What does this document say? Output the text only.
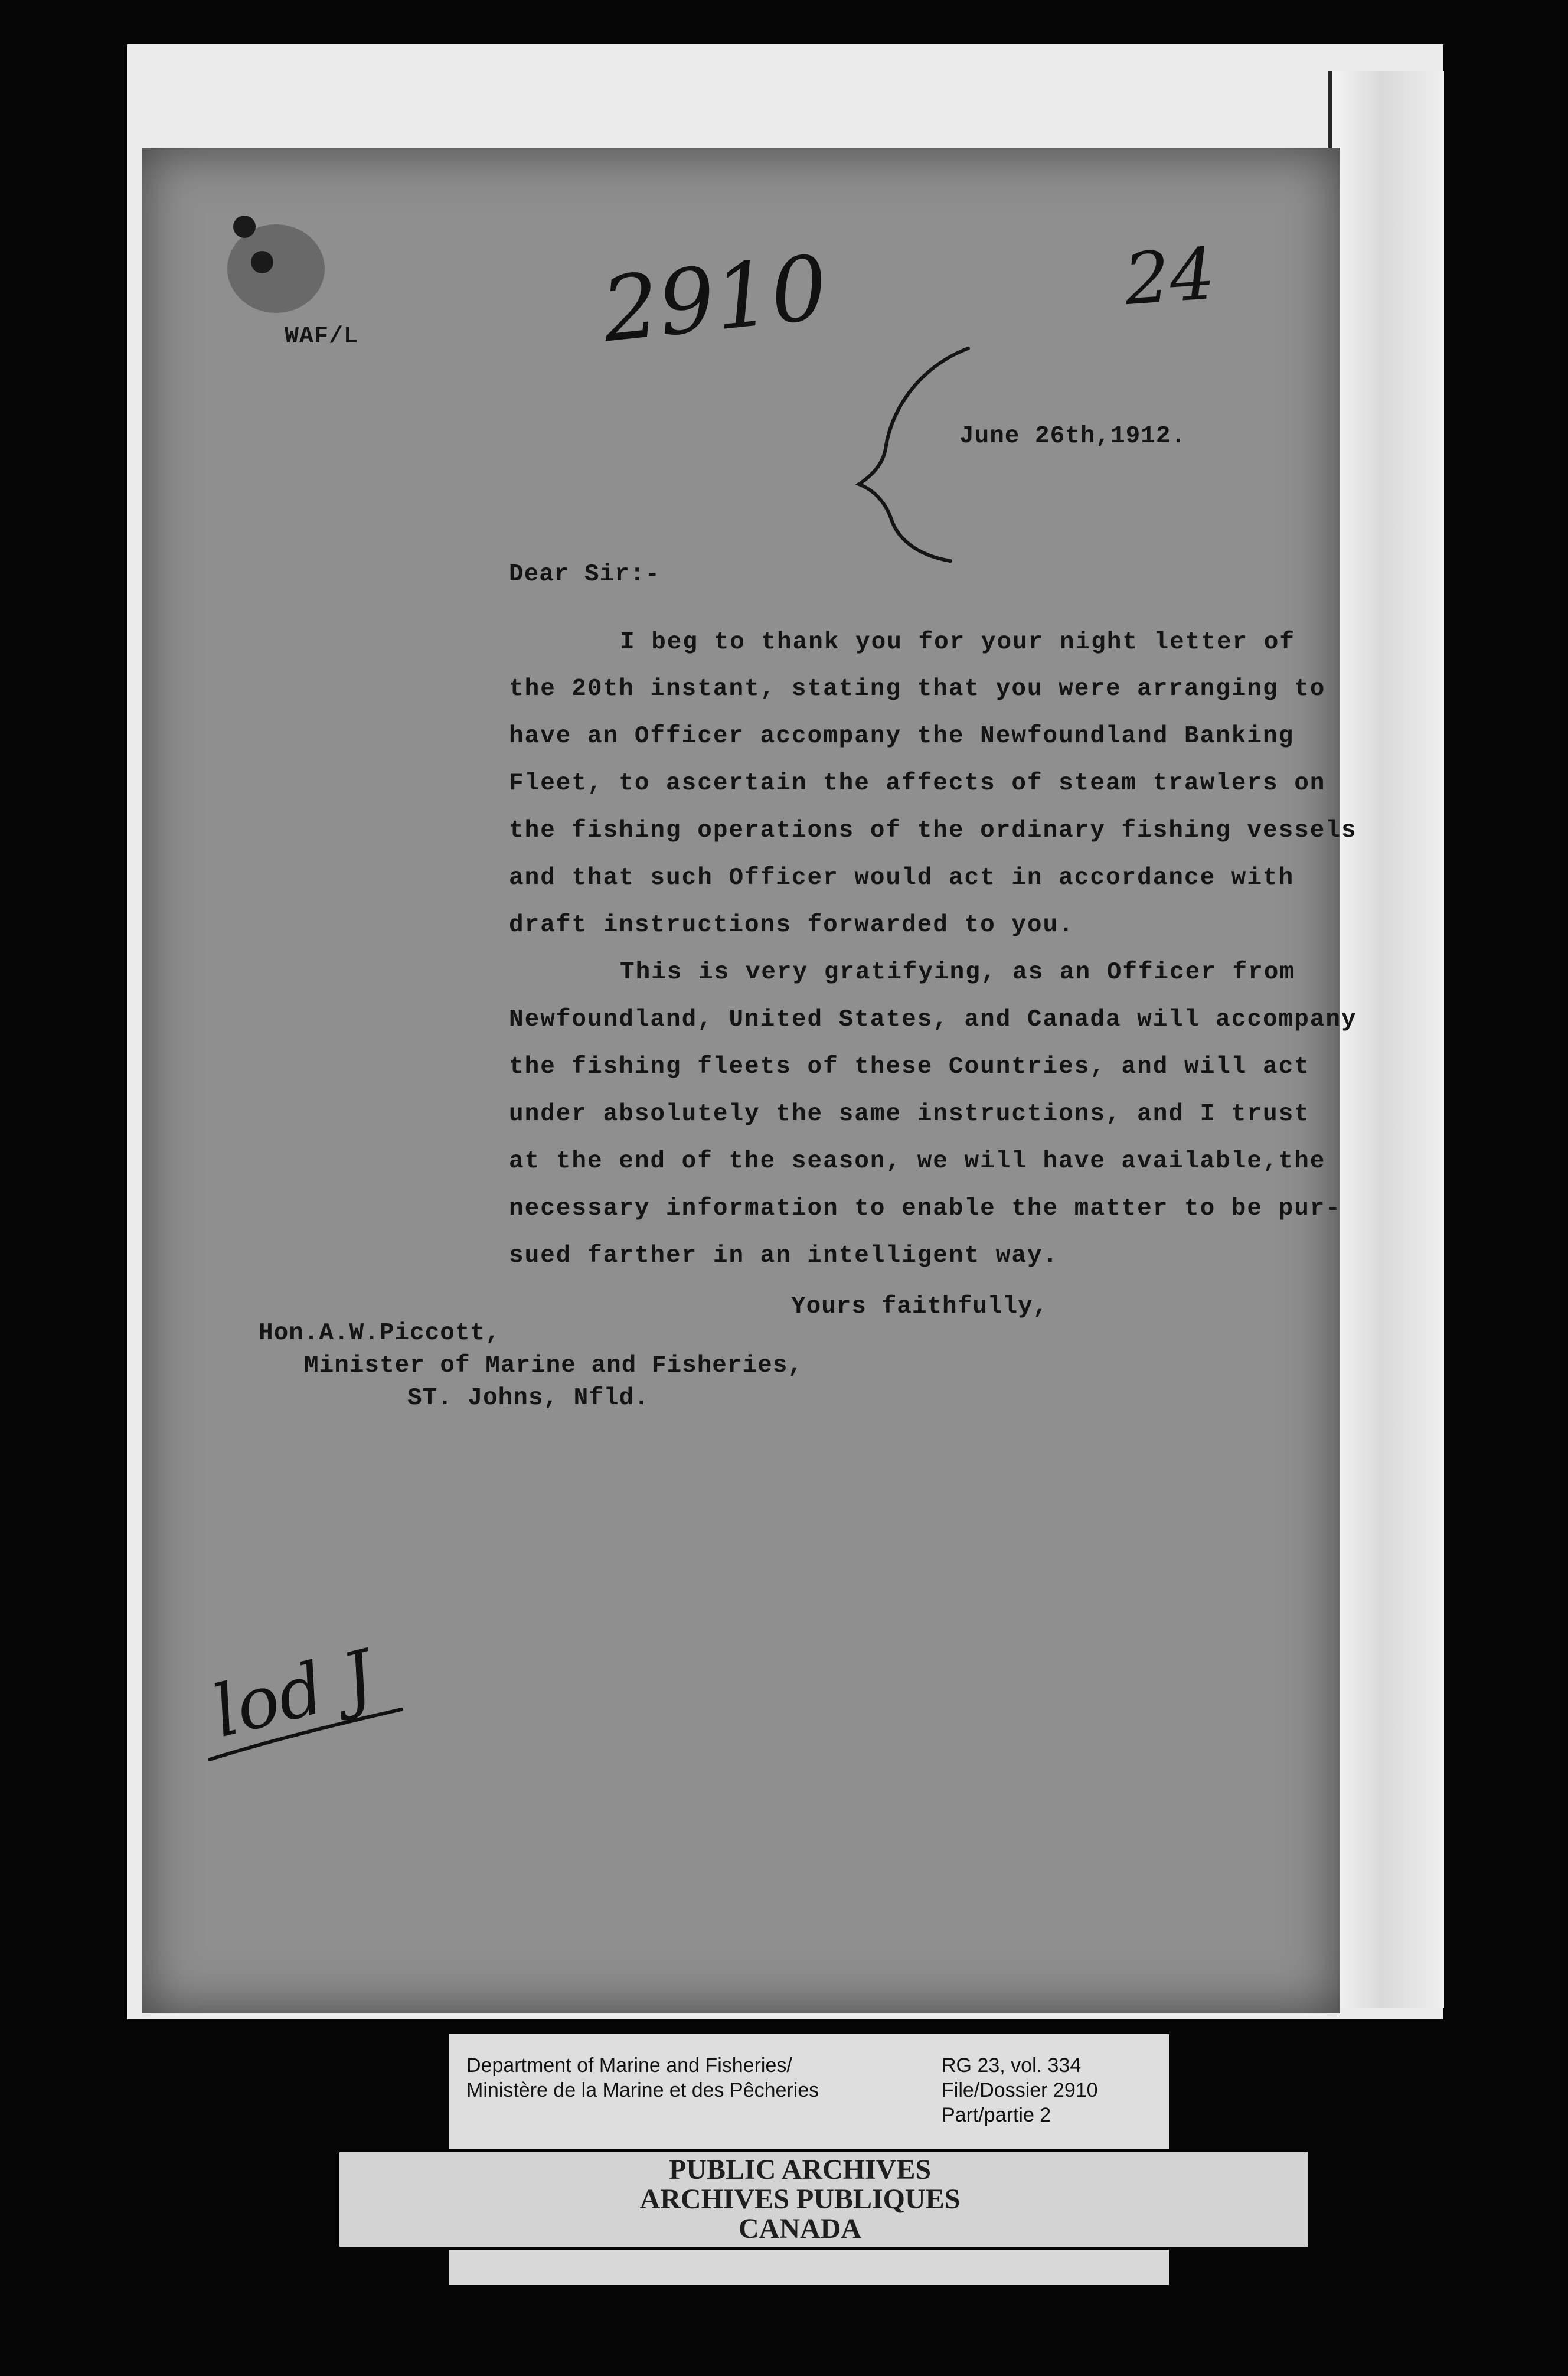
WAF/L	2910	24
June 26th,1912.
Dear Sir:-
I beg to thank you for your night letter of
the 20th instant, stating that you were arranging to
have an Officer accompany the Newfoundland Banking
Fleet, to ascertain the affects of steam trawlers on
the fishing operations of the ordinary fishing vessels
and that such Officer would act in accordance with
draft instructions forwarded to you.
This is very gratifying, as an Officer from
Newfoundland, United States, and Canada will accompany
the fishing fleets of these Countries, and will act
under absolutely the same instructions, and I trust
at the end of the season, we will have available,the
necessary information to enable the matter to be pur-
sued farther in an intelligent way.
Yours faithfully,
Hon.A.W.Piccott,
Minister of Marine and Fisheries,
ST. Johns, Nfld.
lod J
Department of Marine and Fisheries/
Ministère de la Marine et des Pêcheries
RG 23, vol. 334
File/Dossier 2910
Part/partie 2
PUBLIC ARCHIVES
ARCHIVES PUBLIQUES
CANADA
